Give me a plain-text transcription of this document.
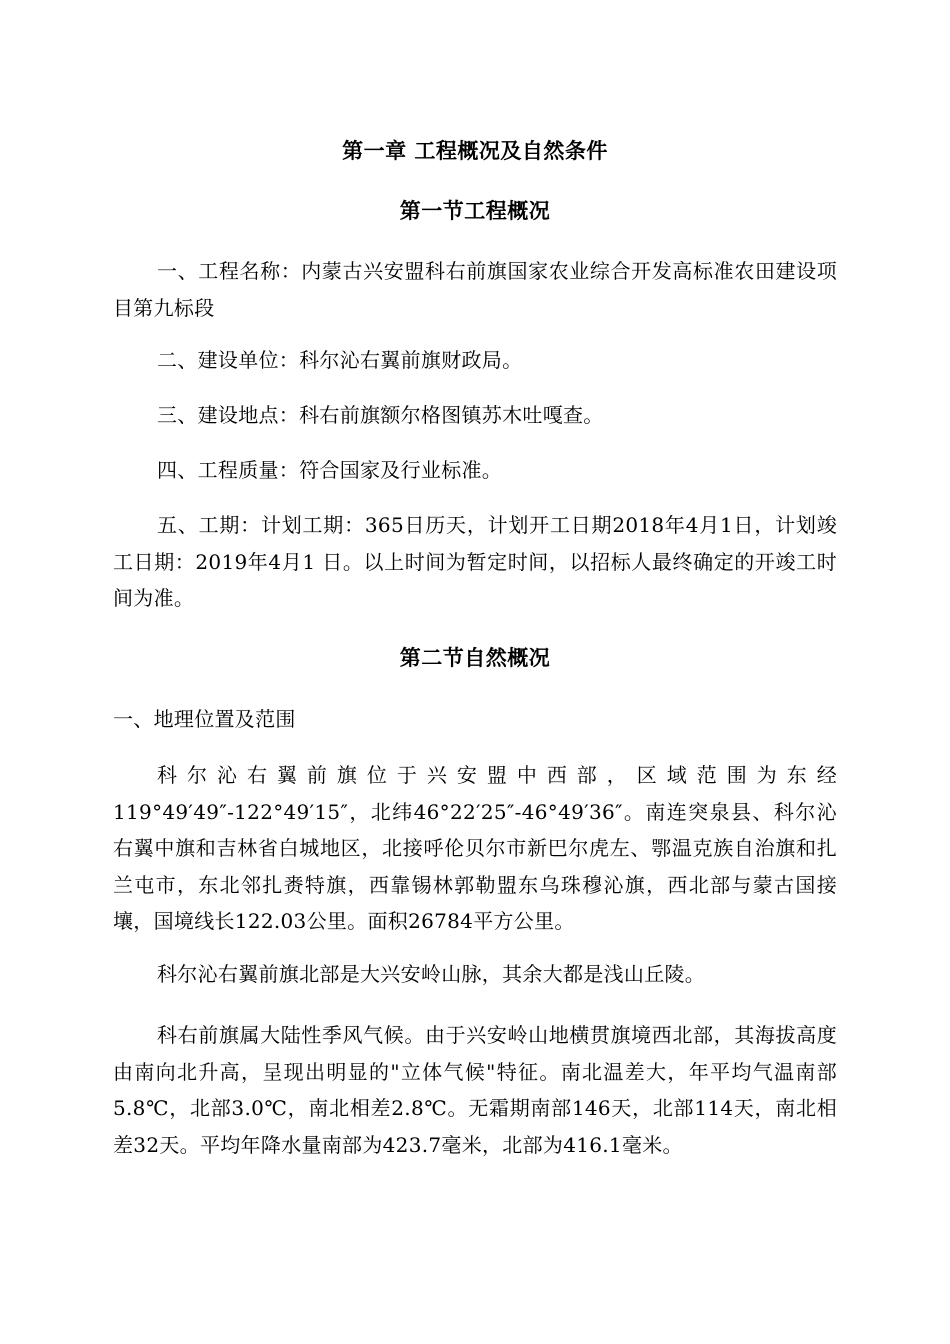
第一章 工程概况及自然条件
第一节工程概况
一、工程名称：内蒙古兴安盟科右前旗国家农业综合开发高标准农田建设项目第九标段
二、建设单位：科尔沁右翼前旗财政局。
三、建设地点：科右前旗额尔格图镇苏木吐嘎查。
四、工程质量：符合国家及行业标准。
五、工期：计划工期：365日历天，计划开工日期2018年4月1日，计划竣工日期：2019年4月1 日。以上时间为暂定时间，以招标人最终确定的开竣工时间为准。
第二节自然概况
一、地理位置及范围
科尔沁右翼前旗位于兴安盟中西部，区域范围为东经119°49′49″-122°49′15″，北纬46°22′25″-46°49′36″。南连突泉县、科尔沁右翼中旗和吉林省白城地区，北接呼伦贝尔市新巴尔虎左、鄂温克族自治旗和扎兰屯市，东北邻扎赉特旗，西靠锡林郭勒盟东乌珠穆沁旗，西北部与蒙古国接壤，国境线长122.03公里。面积26784平方公里。
科尔沁右翼前旗北部是大兴安岭山脉，其余大都是浅山丘陵。
科右前旗属大陆性季风气候。由于兴安岭山地横贯旗境西北部，其海拔高度由南向北升高，呈现出明显的"立体气候"特征。南北温差大，年平均气温南部5.8℃，北部3.0℃，南北相差2.8℃。无霜期南部146天，北部114天，南北相差32天。平均年降水量南部为423.7毫米，北部为416.1毫米。
